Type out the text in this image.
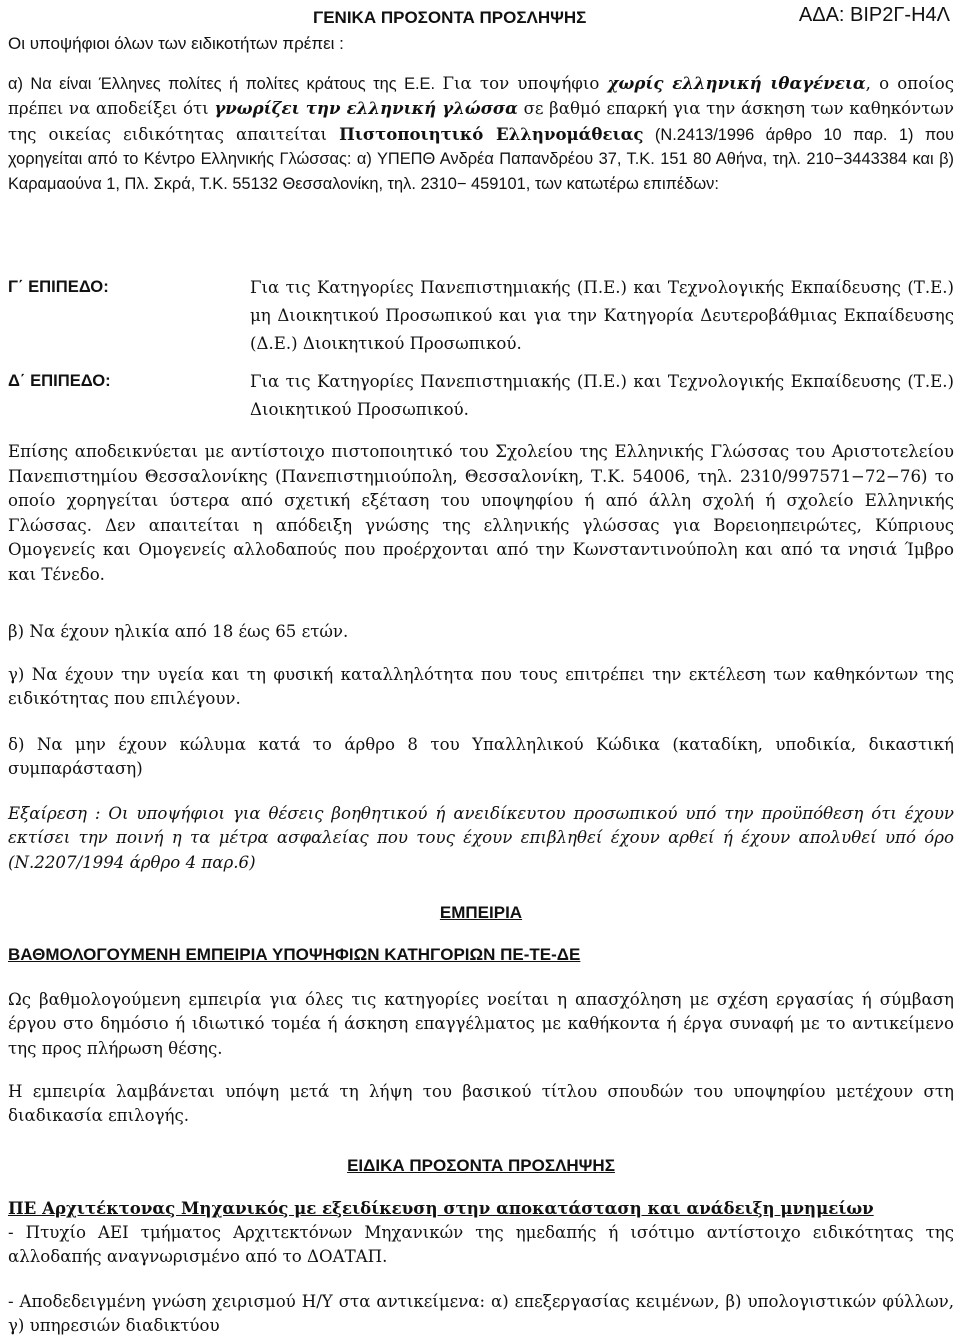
ΑΔΑ: ΒΙΡ2Γ-Η4Λ
ΓΕΝΙΚΑ ΠΡΟΣΟΝΤΑ ΠΡΟΣΛΗΨΗΣ
Οι υποψήφιοι όλων των ειδικοτήτων πρέπει :
α) Να είναι Έλληνες πολίτες ή πολίτες κράτους της Ε.Ε. Για τον υποψήφιο χωρίς ελληνική ιθαγένεια, ο οποίος πρέπει να αποδείξει ότι γνωρίζει την ελληνική γλώσσα σε βαθμό επαρκή για την άσκηση των καθηκόντων της οικείας ειδικότητας απαιτείται Πιστοποιητικό Ελληνομάθειας (Ν.2413/1996 άρθρο 10 παρ. 1) που χορηγείται από το Κέντρο Ελληνικής Γλώσσας: α) ΥΠΕΠΘ Ανδρέα Παπανδρέου 37, Τ.Κ. 151 80 Αθήνα, τηλ. 210−3443384 και β) Καραμαούνα 1, Πλ. Σκρά, Τ.Κ. 55132 Θεσσαλονίκη, τηλ. 2310− 459101, των κατωτέρω επιπέδων:
Γ΄ ΕΠΙΠΕΔΟ:	Για τις Κατηγορίες Πανεπιστημιακής (Π.Ε.) και Τεχνολογικής Εκπαίδευσης (Τ.Ε.) μη Διοικητικού Προσωπικού και για την Κατηγορία Δευτεροβάθμιας Εκπαίδευσης (Δ.Ε.) Διοικητικού Προσωπικού.
Δ΄ ΕΠΙΠΕΔΟ:	Για τις Κατηγορίες Πανεπιστημιακής (Π.Ε.) και Τεχνολογικής Εκπαίδευσης (Τ.Ε.) Διοικητικού Προσωπικού.
Επίσης αποδεικνύεται με αντίστοιχο πιστοποιητικό του Σχολείου της Ελληνικής Γλώσσας του Αριστοτελείου Πανεπιστημίου Θεσσαλονίκης (Πανεπιστημιούπολη, Θεσσαλονίκη, Τ.Κ. 54006, τηλ. 2310/997571−72−76) το οποίο χορηγείται ύστερα από σχετική εξέταση του υποψηφίου ή από άλλη σχολή ή σχολείο Ελληνικής Γλώσσας. Δεν απαιτείται η απόδειξη γνώσης της ελληνικής γλώσσας για Βορειοηπειρώτες, Κύπριους Ομογενείς και Ομογενείς αλλοδαπούς που προέρχονται από την Κωνσταντινούπολη και από τα νησιά Ίμβρο και Τένεδο.
β) Να έχουν ηλικία από 18 έως 65 ετών.
γ) Να έχουν την υγεία και τη φυσική καταλληλότητα που τους επιτρέπει την εκτέλεση των καθηκόντων της ειδικότητας που επιλέγουν.
δ) Να μην έχουν κώλυμα κατά το άρθρο 8 του Υπαλληλικού Κώδικα (καταδίκη, υποδικία, δικαστική συμπαράσταση)
Εξαίρεση : Οι υποψήφιοι για θέσεις βοηθητικού ή ανειδίκευτου προσωπικού υπό την προϋπόθεση ότι έχουν εκτίσει την ποινή η τα μέτρα ασφαλείας που τους έχουν επιβληθεί έχουν αρθεί ή έχουν απολυθεί υπό όρο (Ν.2207/1994 άρθρο 4 παρ.6)
ΕΜΠΕΙΡΙΑ
ΒΑΘΜΟΛΟΓΟΥΜΕΝΗ ΕΜΠΕΙΡΙΑ ΥΠΟΨΗΦΙΩΝ ΚΑΤΗΓΟΡΙΩΝ ΠΕ-ΤΕ-ΔΕ
Ως βαθμολογούμενη εμπειρία για όλες τις κατηγορίες νοείται η απασχόληση με σχέση εργασίας ή σύμβαση έργου στο δημόσιο ή ιδιωτικό τομέα ή άσκηση επαγγέλματος με καθήκοντα ή έργα συναφή με το αντικείμενο της προς πλήρωση θέσης.
Η εμπειρία λαμβάνεται υπόψη μετά τη λήψη του βασικού τίτλου σπουδών του υποψηφίου μετέχουν στη διαδικασία επιλογής.
ΕΙΔΙΚΑ ΠΡΟΣΟΝΤΑ ΠΡΟΣΛΗΨΗΣ
ΠΕ Αρχιτέκτονας Μηχανικός με εξειδίκευση στην αποκατάσταση και ανάδειξη μνημείων
- Πτυχίο ΑΕΙ τμήματος Αρχιτεκτόνων Μηχανικών της ημεδαπής ή ισότιμο αντίστοιχο ειδικότητας της αλλοδαπής αναγνωρισμένο από το ΔΟΑΤΑΠ.
- Αποδεδειγμένη γνώση χειρισμού Η/Υ στα αντικείμενα: α) επεξεργασίας κειμένων, β) υπολογιστικών φύλλων, γ) υπηρεσιών διαδικτύου
